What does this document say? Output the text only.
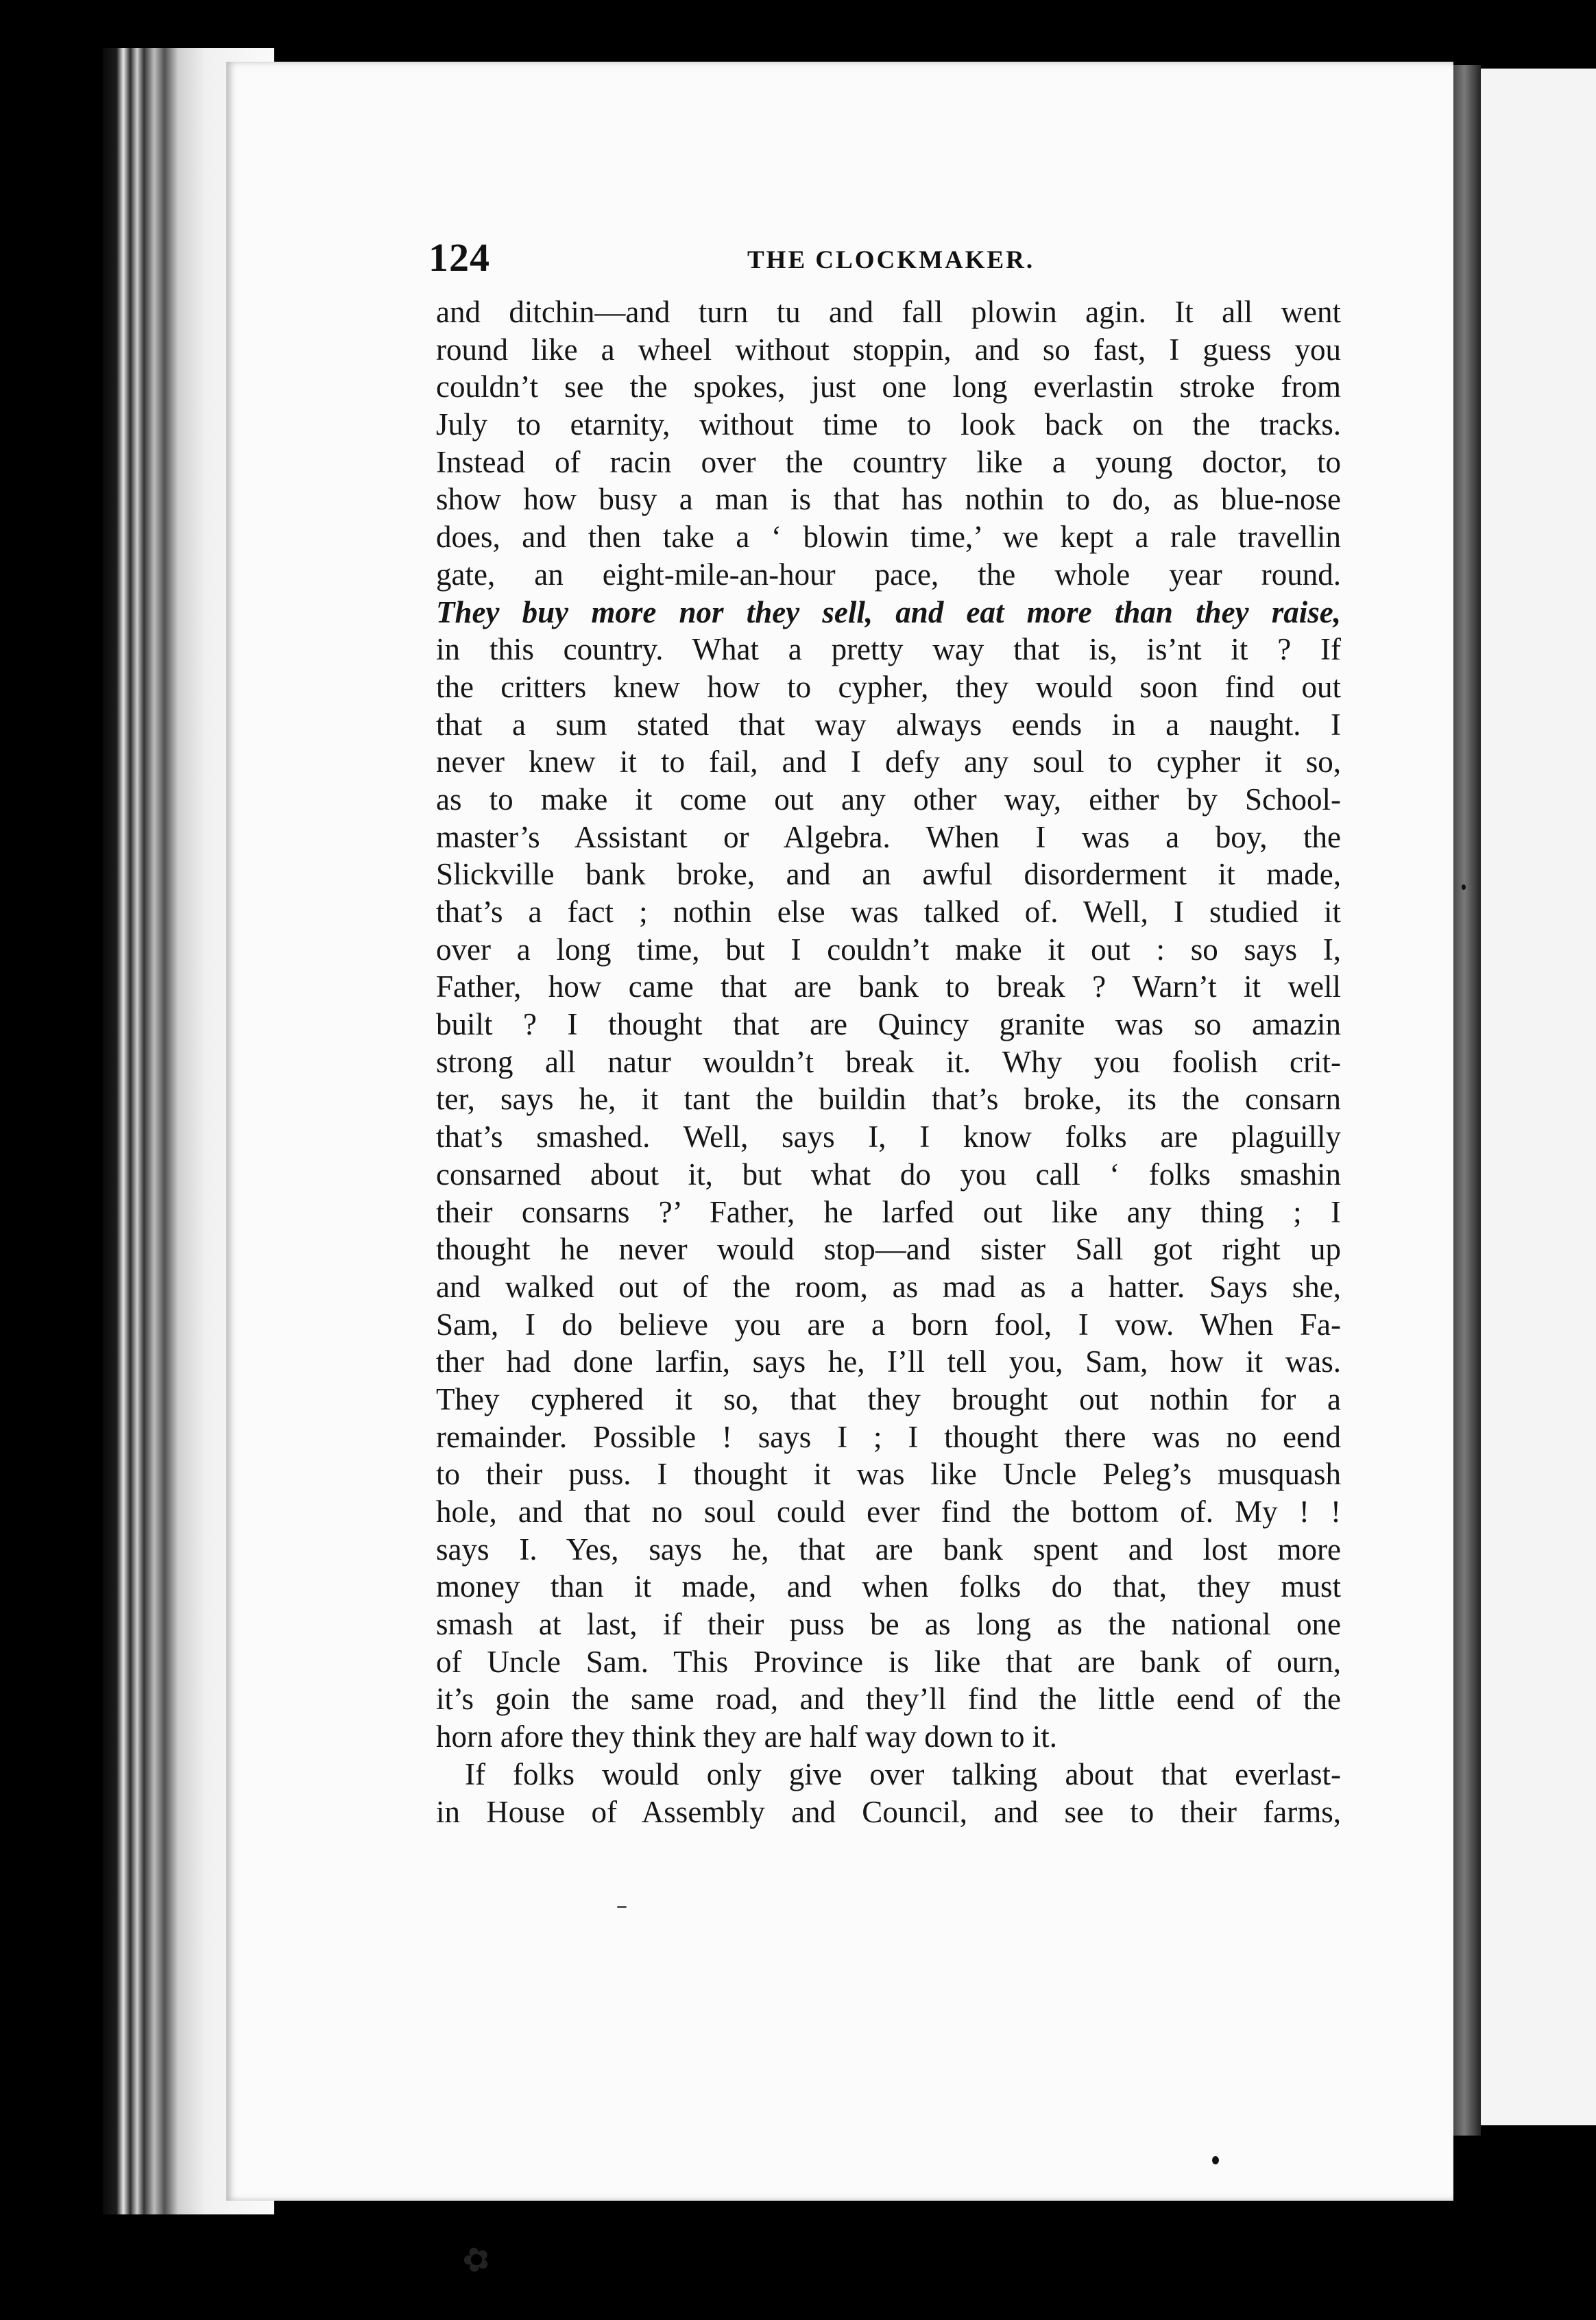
124	THE CLOCKMAKER.
and ditchin—and turn tu and fall plowin agin. It all went
round like a wheel without stoppin, and so fast, I guess you
couldn’t see the spokes, just one long everlastin stroke from
July to etarnity, without time to look back on the tracks.
Instead of racin over the country like a young doctor, to
show how busy a man is that has nothin to do, as blue-nose
does, and then take a ‘ blowin time,’ we kept a rale travellin
gate, an eight-mile-an-hour pace, the whole year round.
They buy more nor they sell, and eat more than they raise,
in this country. What a pretty way that is, is’nt it ? If
the critters knew how to cypher, they would soon find out
that a sum stated that way always eends in a naught. I
never knew it to fail, and I defy any soul to cypher it so,
as to make it come out any other way, either by School-
master’s Assistant or Algebra. When I was a boy, the
Slickville bank broke, and an awful disorderment it made,
that’s a fact ; nothin else was talked of. Well, I studied it
over a long time, but I couldn’t make it out : so says I,
Father, how came that are bank to break ? Warn’t it well
built ? I thought that are Quincy granite was so amazin
strong all natur wouldn’t break it. Why you foolish crit-
ter, says he, it tant the buildin that’s broke, its the consarn
that’s smashed. Well, says I, I know folks are plaguilly
consarned about it, but what do you call ‘ folks smashin
their consarns ?’ Father, he larfed out like any thing ; I
thought he never would stop—and sister Sall got right up
and walked out of the room, as mad as a hatter. Says she,
Sam, I do believe you are a born fool, I vow. When Fa-
ther had done larfin, says he, I’ll tell you, Sam, how it was.
They cyphered it so, that they brought out nothin for a
remainder. Possible ! says I ; I thought there was no eend
to their puss. I thought it was like Uncle Peleg’s musquash
hole, and that no soul could ever find the bottom of. My ! !
says I. Yes, says he, that are bank spent and lost more
money than it made, and when folks do that, they must
smash at last, if their puss be as long as the national one
of Uncle Sam. This Province is like that are bank of ourn,
it’s goin the same road, and they’ll find the little eend of the
horn afore they think they are half way down to it.
If folks would only give over talking about that everlast-
in House of Assembly and Council, and see to their farms,
✿
